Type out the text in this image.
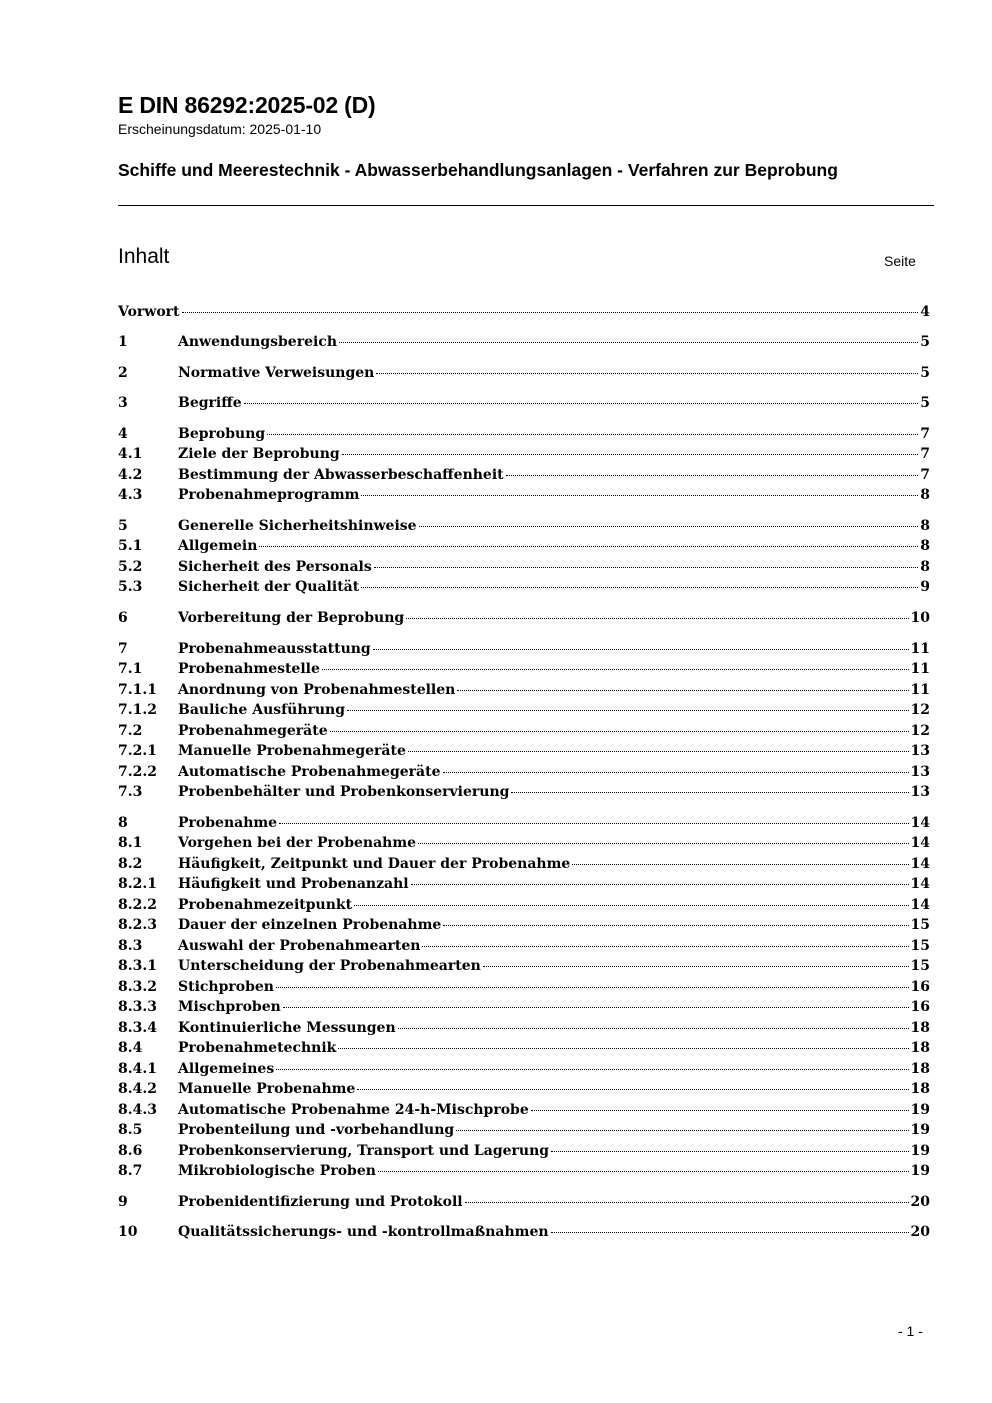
E DIN 86292:2025-02 (D)
Erscheinungsdatum: 2025-01-10
Schiffe und Meerestechnik - Abwasserbehandlungsanlagen - Verfahren zur Beprobung
Inhalt	Seite
Vorwort	4
1	Anwendungsbereich	5
2	Normative Verweisungen	5
3	Begriffe	5
4	Beprobung	7
4.1	Ziele der Beprobung	7
4.2	Bestimmung der Abwasserbeschaffenheit	7
4.3	Probenahmeprogramm	8
5	Generelle Sicherheitshinweise	8
5.1	Allgemein	8
5.2	Sicherheit des Personals	8
5.3	Sicherheit der Qualität	9
6	Vorbereitung der Beprobung	10
7	Probenahmeausstattung	11
7.1	Probenahmestelle	11
7.1.1	Anordnung von Probenahmestellen	11
7.1.2	Bauliche Ausführung	12
7.2	Probenahmegeräte	12
7.2.1	Manuelle Probenahmegeräte	13
7.2.2	Automatische Probenahmegeräte	13
7.3	Probenbehälter und Probenkonservierung	13
8	Probenahme	14
8.1	Vorgehen bei der Probenahme	14
8.2	Häufigkeit, Zeitpunkt und Dauer der Probenahme	14
8.2.1	Häufigkeit und Probenanzahl	14
8.2.2	Probenahmezeitpunkt	14
8.2.3	Dauer der einzelnen Probenahme	15
8.3	Auswahl der Probenahmearten	15
8.3.1	Unterscheidung der Probenahmearten	15
8.3.2	Stichproben	16
8.3.3	Mischproben	16
8.3.4	Kontinuierliche Messungen	18
8.4	Probenahmetechnik	18
8.4.1	Allgemeines	18
8.4.2	Manuelle Probenahme	18
8.4.3	Automatische Probenahme 24-h-Mischprobe	19
8.5	Probenteilung und -vorbehandlung	19
8.6	Probenkonservierung, Transport und Lagerung	19
8.7	Mikrobiologische Proben	19
9	Probenidentifizierung und Protokoll	20
10	Qualitätssicherungs- und -kontrollmaßnahmen	20
- 1 -
